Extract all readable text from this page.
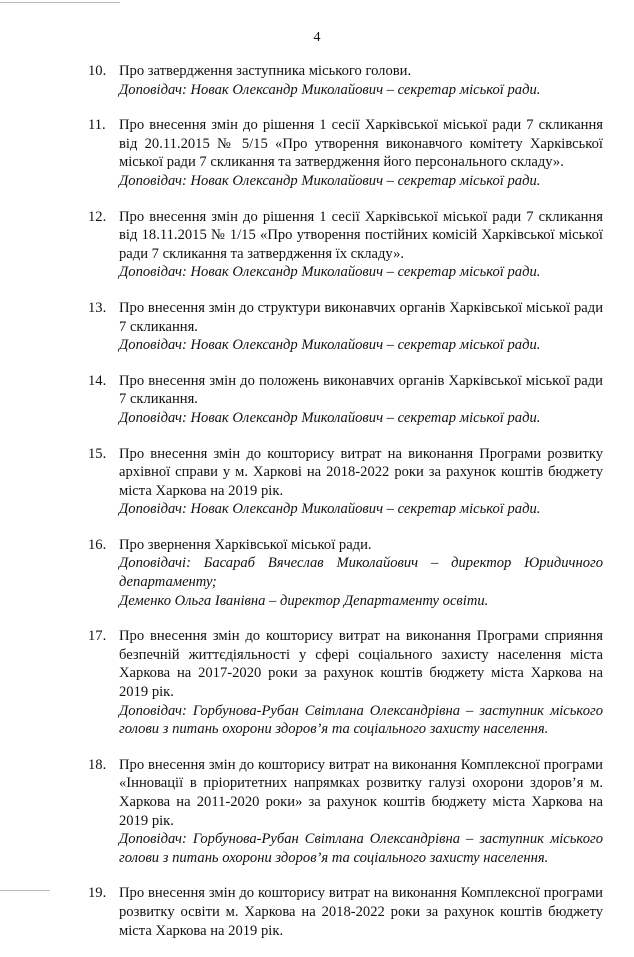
4
10. Про затвердження заступника міського голови.
Доповідач: Новак Олександр Миколайович – секретар міської ради.
11. Про внесення змін до рішення 1 сесії Харківської міської ради 7 скликання від 20.11.2015 № 5/15 «Про утворення виконавчого комітету Харківської міської ради 7 скликання та затвердження його персонального складу».
Доповідач: Новак Олександр Миколайович – секретар міської ради.
12. Про внесення змін до рішення 1 сесії Харківської міської ради 7 скликання від 18.11.2015 № 1/15 «Про утворення постійних комісій Харківської міської ради 7 скликання та затвердження їх складу».
Доповідач: Новак Олександр Миколайович – секретар міської ради.
13. Про внесення змін до структури виконавчих органів Харківської міської ради 7 скликання.
Доповідач: Новак Олександр Миколайович – секретар міської ради.
14. Про внесення змін до положень виконавчих органів Харківської міської ради 7 скликання.
Доповідач: Новак Олександр Миколайович – секретар міської ради.
15. Про внесення змін до кошторису витрат на виконання Програми розвитку архівної справи у м. Харкові на 2018-2022 роки за рахунок коштів бюджету міста Харкова на 2019 рік.
Доповідач: Новак Олександр Миколайович – секретар міської ради.
16. Про звернення Харківської міської ради.
Доповідачі: Басараб Вячеслав Миколайович – директор Юридичного департаменту;
Деменко Ольга Іванівна – директор Департаменту освіти.
17. Про внесення змін до кошторису витрат на виконання Програми сприяння безпечній життєдіяльності у сфері соціального захисту населення міста Харкова на 2017-2020 роки за рахунок коштів бюджету міста Харкова на 2019 рік.
Доповідач: Горбунова-Рубан Світлана Олександрівна – заступник міського голови з питань охорони здоров’я та соціального захисту населення.
18. Про внесення змін до кошторису витрат на виконання Комплексної програми «Інновації в пріоритетних напрямках розвитку галузі охорони здоров’я м. Харкова на 2011-2020 роки» за рахунок коштів бюджету міста Харкова на 2019 рік.
Доповідач: Горбунова-Рубан Світлана Олександрівна – заступник міського голови з питань охорони здоров’я та соціального захисту населення.
19. Про внесення змін до кошторису витрат на виконання Комплексної програми розвитку освіти м. Харкова на 2018-2022 роки за рахунок коштів бюджету міста Харкова на 2019 рік.
